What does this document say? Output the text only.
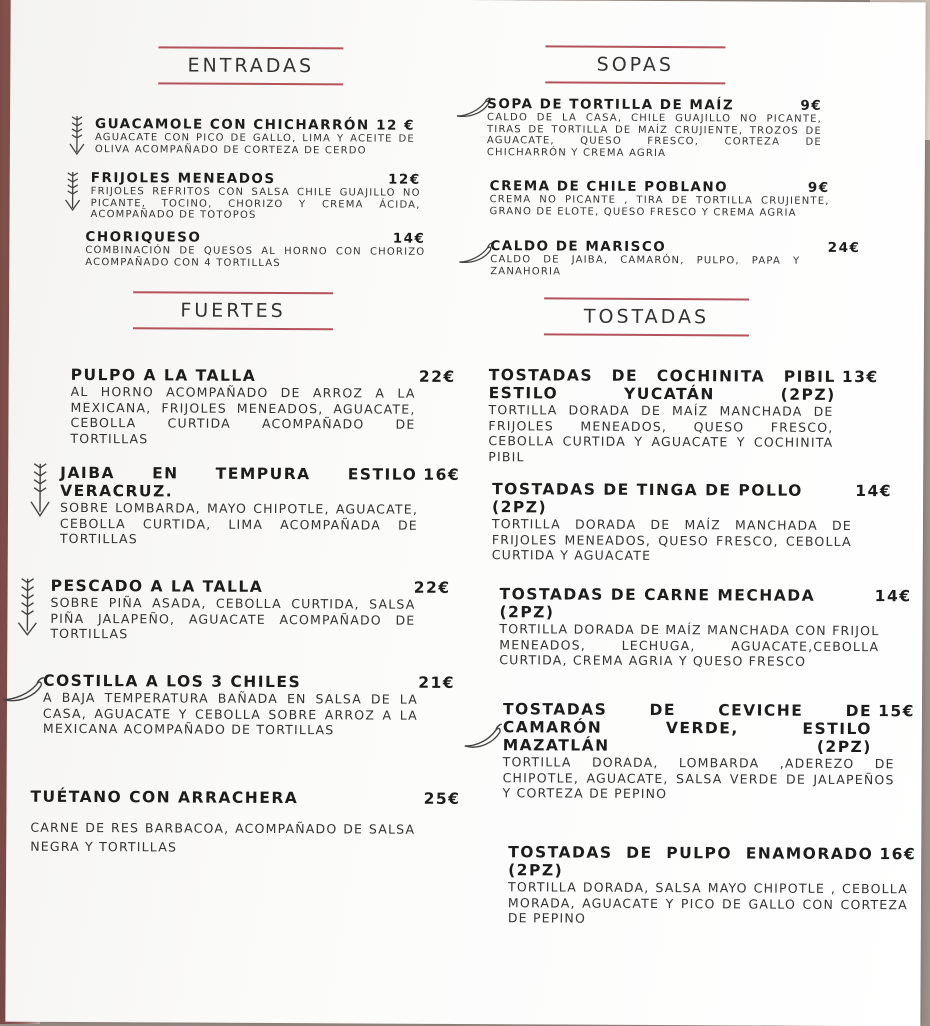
ENTRADAS	SOPAS
FUERTES	TOSTADAS
GUACAMOLE CON CHICHARRÓN 12 €
AGUACATE CON PICO DE GALLO, LIMA Y ACEITE DE OLIVA ACOMPAÑADO DE CORTEZA DE CERDO
FRIJOLES MENEADOS	12€
FRIJOLES REFRITOS CON SALSA CHILE GUAJILLO NO PICANTE, TOCINO, CHORIZO Y CREMA ÁCIDA, ACOMPAÑADO DE TOTOPOS
CHORIQUESO	14€
COMBINACIÓN DE QUESOS AL HORNO CON CHORIZO ACOMPAÑADO CON 4 TORTILLAS
SOPA DE TORTILLA DE MAÍZ	9€
CALDO DE LA CASA, CHILE GUAJILLO NO PICANTE, TIRAS DE TORTILLA DE MAÍZ CRUJIENTE, TROZOS DE AGUACATE, QUESO FRESCO, CORTEZA DE CHICHARRÓN Y CREMA AGRIA
CREMA DE CHILE POBLANO	9€
CREMA NO PICANTE , TIRA DE TORTILLA CRUJIENTE, GRANO DE ELOTE, QUESO FRESCO Y CREMA AGRIA
CALDO DE MARISCO	24€
CALDO DE JAIBA, CAMARÓN, PULPO, PAPA Y ZANAHORIA
PULPO A LA TALLA	22€
AL HORNO ACOMPAÑADO DE ARROZ A LA MEXICANA, FRIJOLES MENEADOS, AGUACATE, CEBOLLA CURTIDA ACOMPAÑADO DE TORTILLAS
JAIBA EN TEMPURA ESTILO VERACRUZ.
16€
SOBRE LOMBARDA, MAYO CHIPOTLE, AGUACATE, CEBOLLA CURTIDA, LIMA ACOMPAÑADA DE TORTILLAS
PESCADO A LA TALLA	22€
SOBRE PIÑA ASADA, CEBOLLA CURTIDA, SALSA PIÑA JALAPEÑO, AGUACATE ACOMPAÑADO DE TORTILLAS
COSTILLA A LOS 3 CHILES	21€
A BAJA TEMPERATURA BAÑADA EN SALSA DE LA CASA, AGUACATE Y CEBOLLA SOBRE ARROZ A LA MEXICANA ACOMPAÑADO DE TORTILLAS
TUÉTANO CON ARRACHERA	25€
CARNE DE RES BARBACOA, ACOMPAÑADO DE SALSA NEGRA Y TORTILLAS
TOSTADAS DE COCHINITA PIBIL ESTILO YUCATÁN (2PZ)
13€
TORTILLA DORADA DE MAÍZ MANCHADA DE FRIJOLES MENEADOS, QUESO FRESCO, CEBOLLA CURTIDA Y AGUACATE Y COCHINITA PIBIL
TOSTADAS DE TINGA DE POLLO (2PZ)
14€
TORTILLA DORADA DE MAÍZ MANCHADA DE FRIJOLES MENEADOS, QUESO FRESCO, CEBOLLA CURTIDA Y AGUACATE
TOSTADAS DE CARNE MECHADA (2PZ)
14€
TORTILLA DORADA DE MAÍZ MANCHADA CON FRIJOL MENEADOS, LECHUGA, AGUACATE,CEBOLLA CURTIDA, CREMA AGRIA Y QUESO FRESCO
TOSTADAS DE CEVICHE DE CAMARÓN VERDE, ESTILO MAZATLÁN (2PZ)
15€
TORTILLA DORADA, LOMBARDA ,ADEREZO DE CHIPOTLE, AGUACATE, SALSA VERDE DE JALAPEÑOS Y CORTEZA DE PEPINO
TOSTADAS DE PULPO ENAMORADO (2PZ)
16€
TORTILLA DORADA, SALSA MAYO CHIPOTLE , CEBOLLA MORADA, AGUACATE Y PICO DE GALLO CON CORTEZA DE PEPINO
